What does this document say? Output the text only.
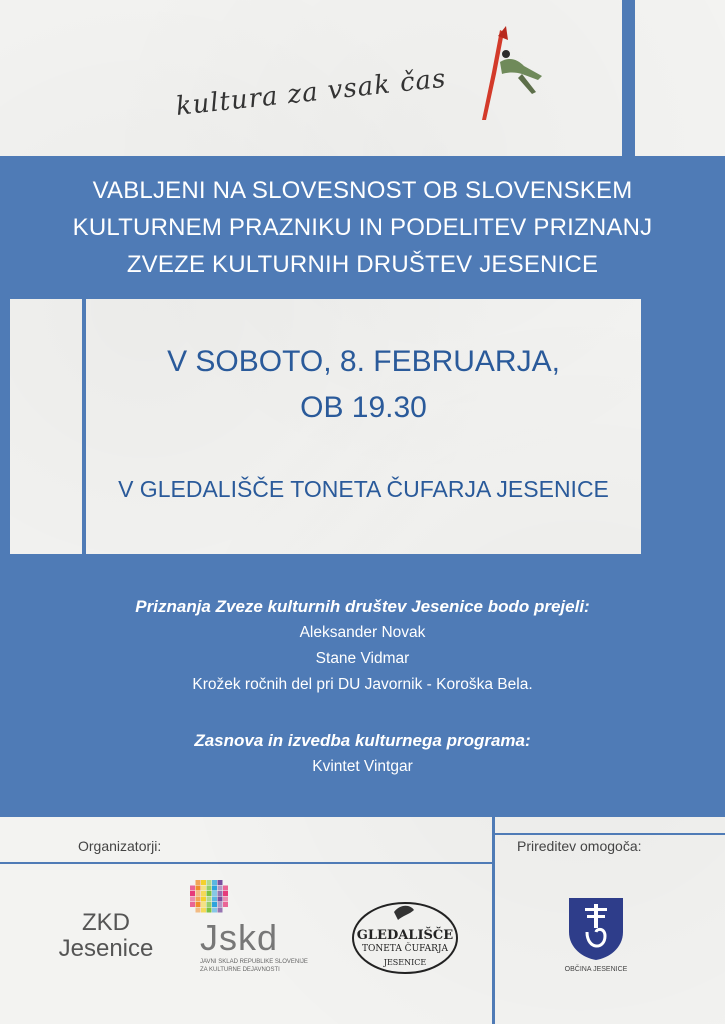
kultura za vsak čas
VABLJENI NA SLOVESNOST OB SLOVENSKEM
KULTURNEM PRAZNIKU IN PODELITEV PRIZNANJ
ZVEZE KULTURNIH DRUŠTEV JESENICE
V SOBOTO, 8. FEBRUARJA,
OB 19.30
V GLEDALIŠČE TONETA ČUFARJA JESENICE
Priznanja Zveze kulturnih društev Jesenice bodo prejeli:
Aleksander Novak
Stane Vidmar
Krožek ročnih del pri DU Javornik - Koroška Bela.
Zasnova in izvedba kulturnega programa:
Kvintet Vintgar
Organizatorji:	Prireditev omogoča:
ZKD
Jesenice Jskd
JAVNI SKLAD REPUBLIKE SLOVENIJE
ZA KULTURNE DEJAVNOSTI
GLEDALIŠČE
TONETA ČUFARJA
JESENICE
OBČINA JESENICE
